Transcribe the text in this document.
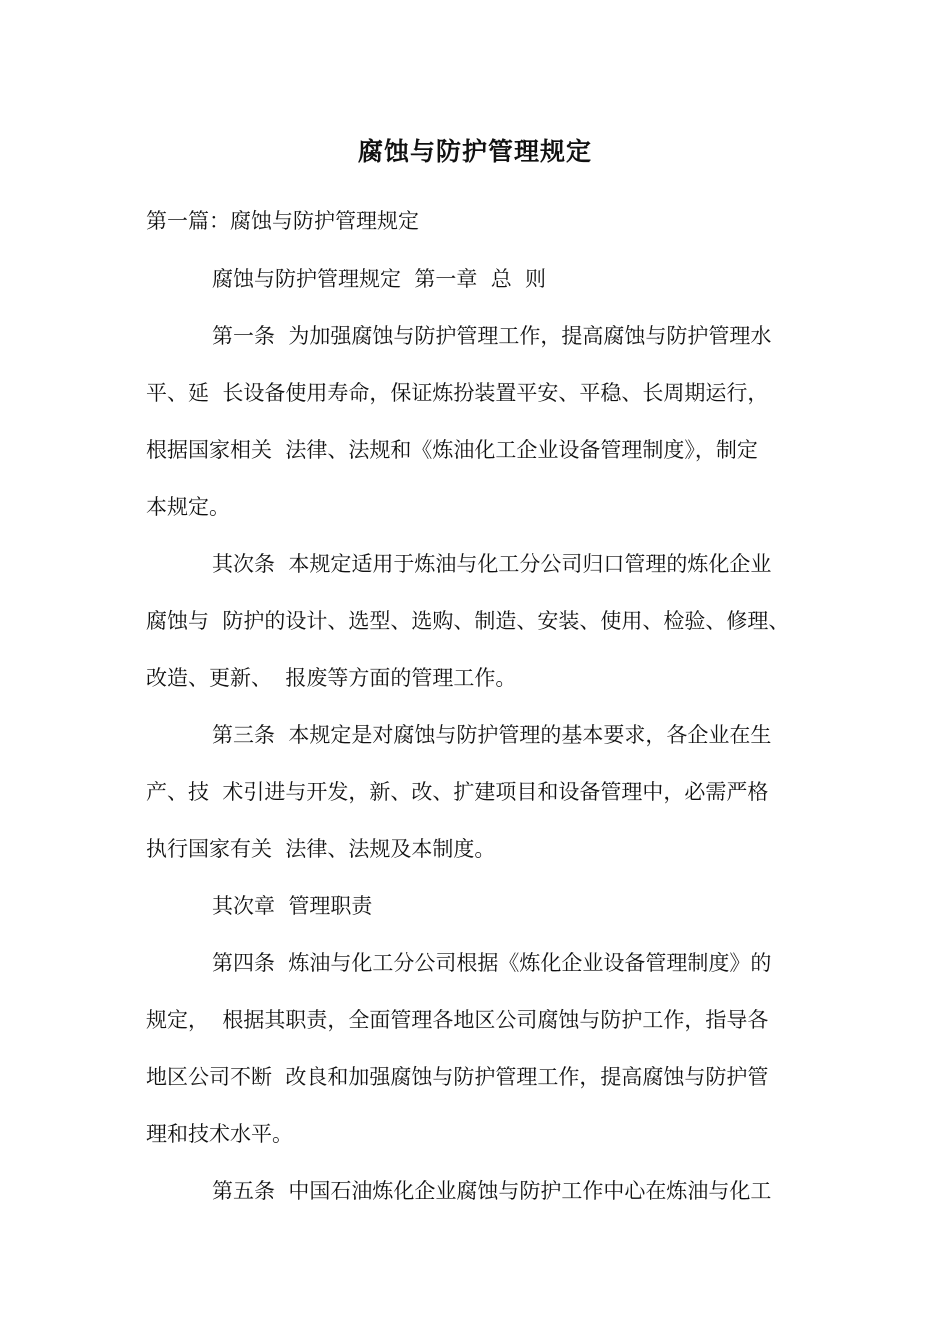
腐蚀与防护管理规定
第一篇：腐蚀与防护管理规定
腐蚀与防护管理规定  第一章  总  则
第一条  为加强腐蚀与防护管理工作，提高腐蚀与防护管理水
平、延  长设备使用寿命，保证炼扮装置平安、平稳、长周期运行，
根据国家相关  法律、法规和《炼油化工企业设备管理制度》，制定
本规定。
其次条  本规定适用于炼油与化工分公司归口管理的炼化企业
腐蚀与  防护的设计、选型、选购、制造、安装、使用、检验、修理、
改造、更新、  报废等方面的管理工作。
第三条  本规定是对腐蚀与防护管理的基本要求，各企业在生
产、技  术引进与开发，新、改、扩建项目和设备管理中，必需严格
执行国家有关  法律、法规及本制度。
其次章  管理职责
第四条  炼油与化工分公司根据《炼化企业设备管理制度》的
规定，  根据其职责，全面管理各地区公司腐蚀与防护工作，指导各
地区公司不断  改良和加强腐蚀与防护管理工作，提高腐蚀与防护管
理和技术水平。
第五条  中国石油炼化企业腐蚀与防护工作中心在炼油与化工
